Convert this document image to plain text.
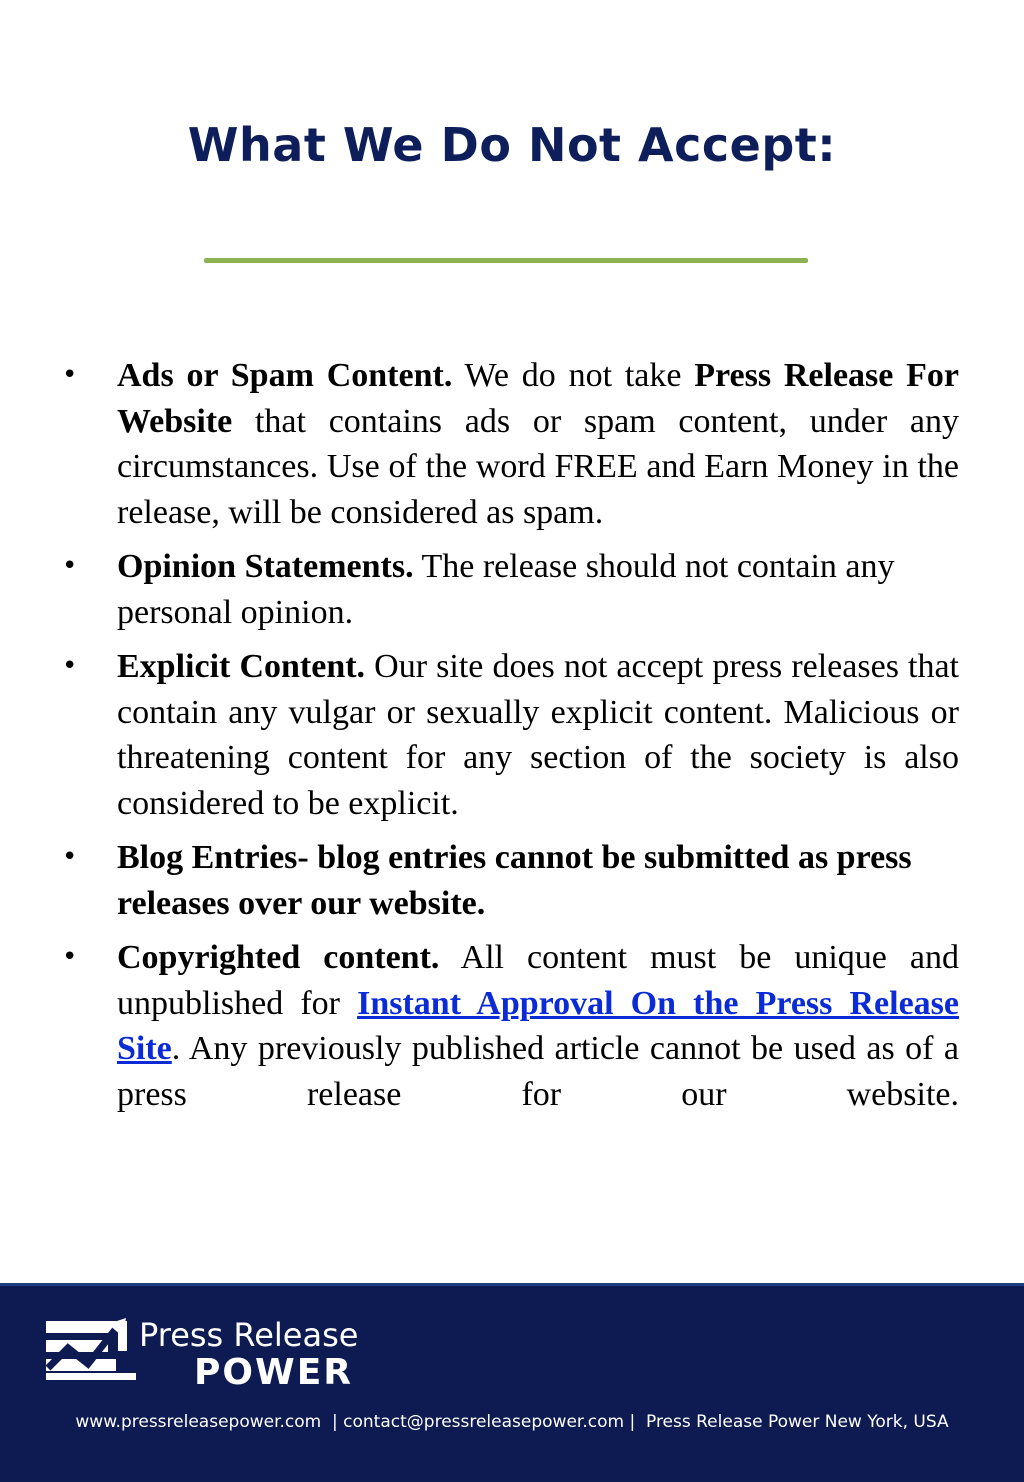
What We Do Not Accept:
• Ads or Spam Content. We do not take Press Release For Website that contains ads or spam content, under any circumstances. Use of the word FREE and Earn Money in the release, will be considered as spam.
• Opinion Statements. The release should not contain any personal opinion.
• Explicit Content. Our site does not accept press releases that contain any vulgar or sexually explicit content. Malicious or threatening content for any section of the society is also considered to be explicit.
• Blog Entries- blog entries cannot be submitted as press releases over our website.
• Copyrighted content. All content must be unique and unpublished for Instant Approval On the Press Release Site. Any previously published article cannot be used as of a press release for our website.
Press Release
POWER
www.pressreleasepower.com  | contact@pressreleasepower.com |  Press Release Power New York, USA
